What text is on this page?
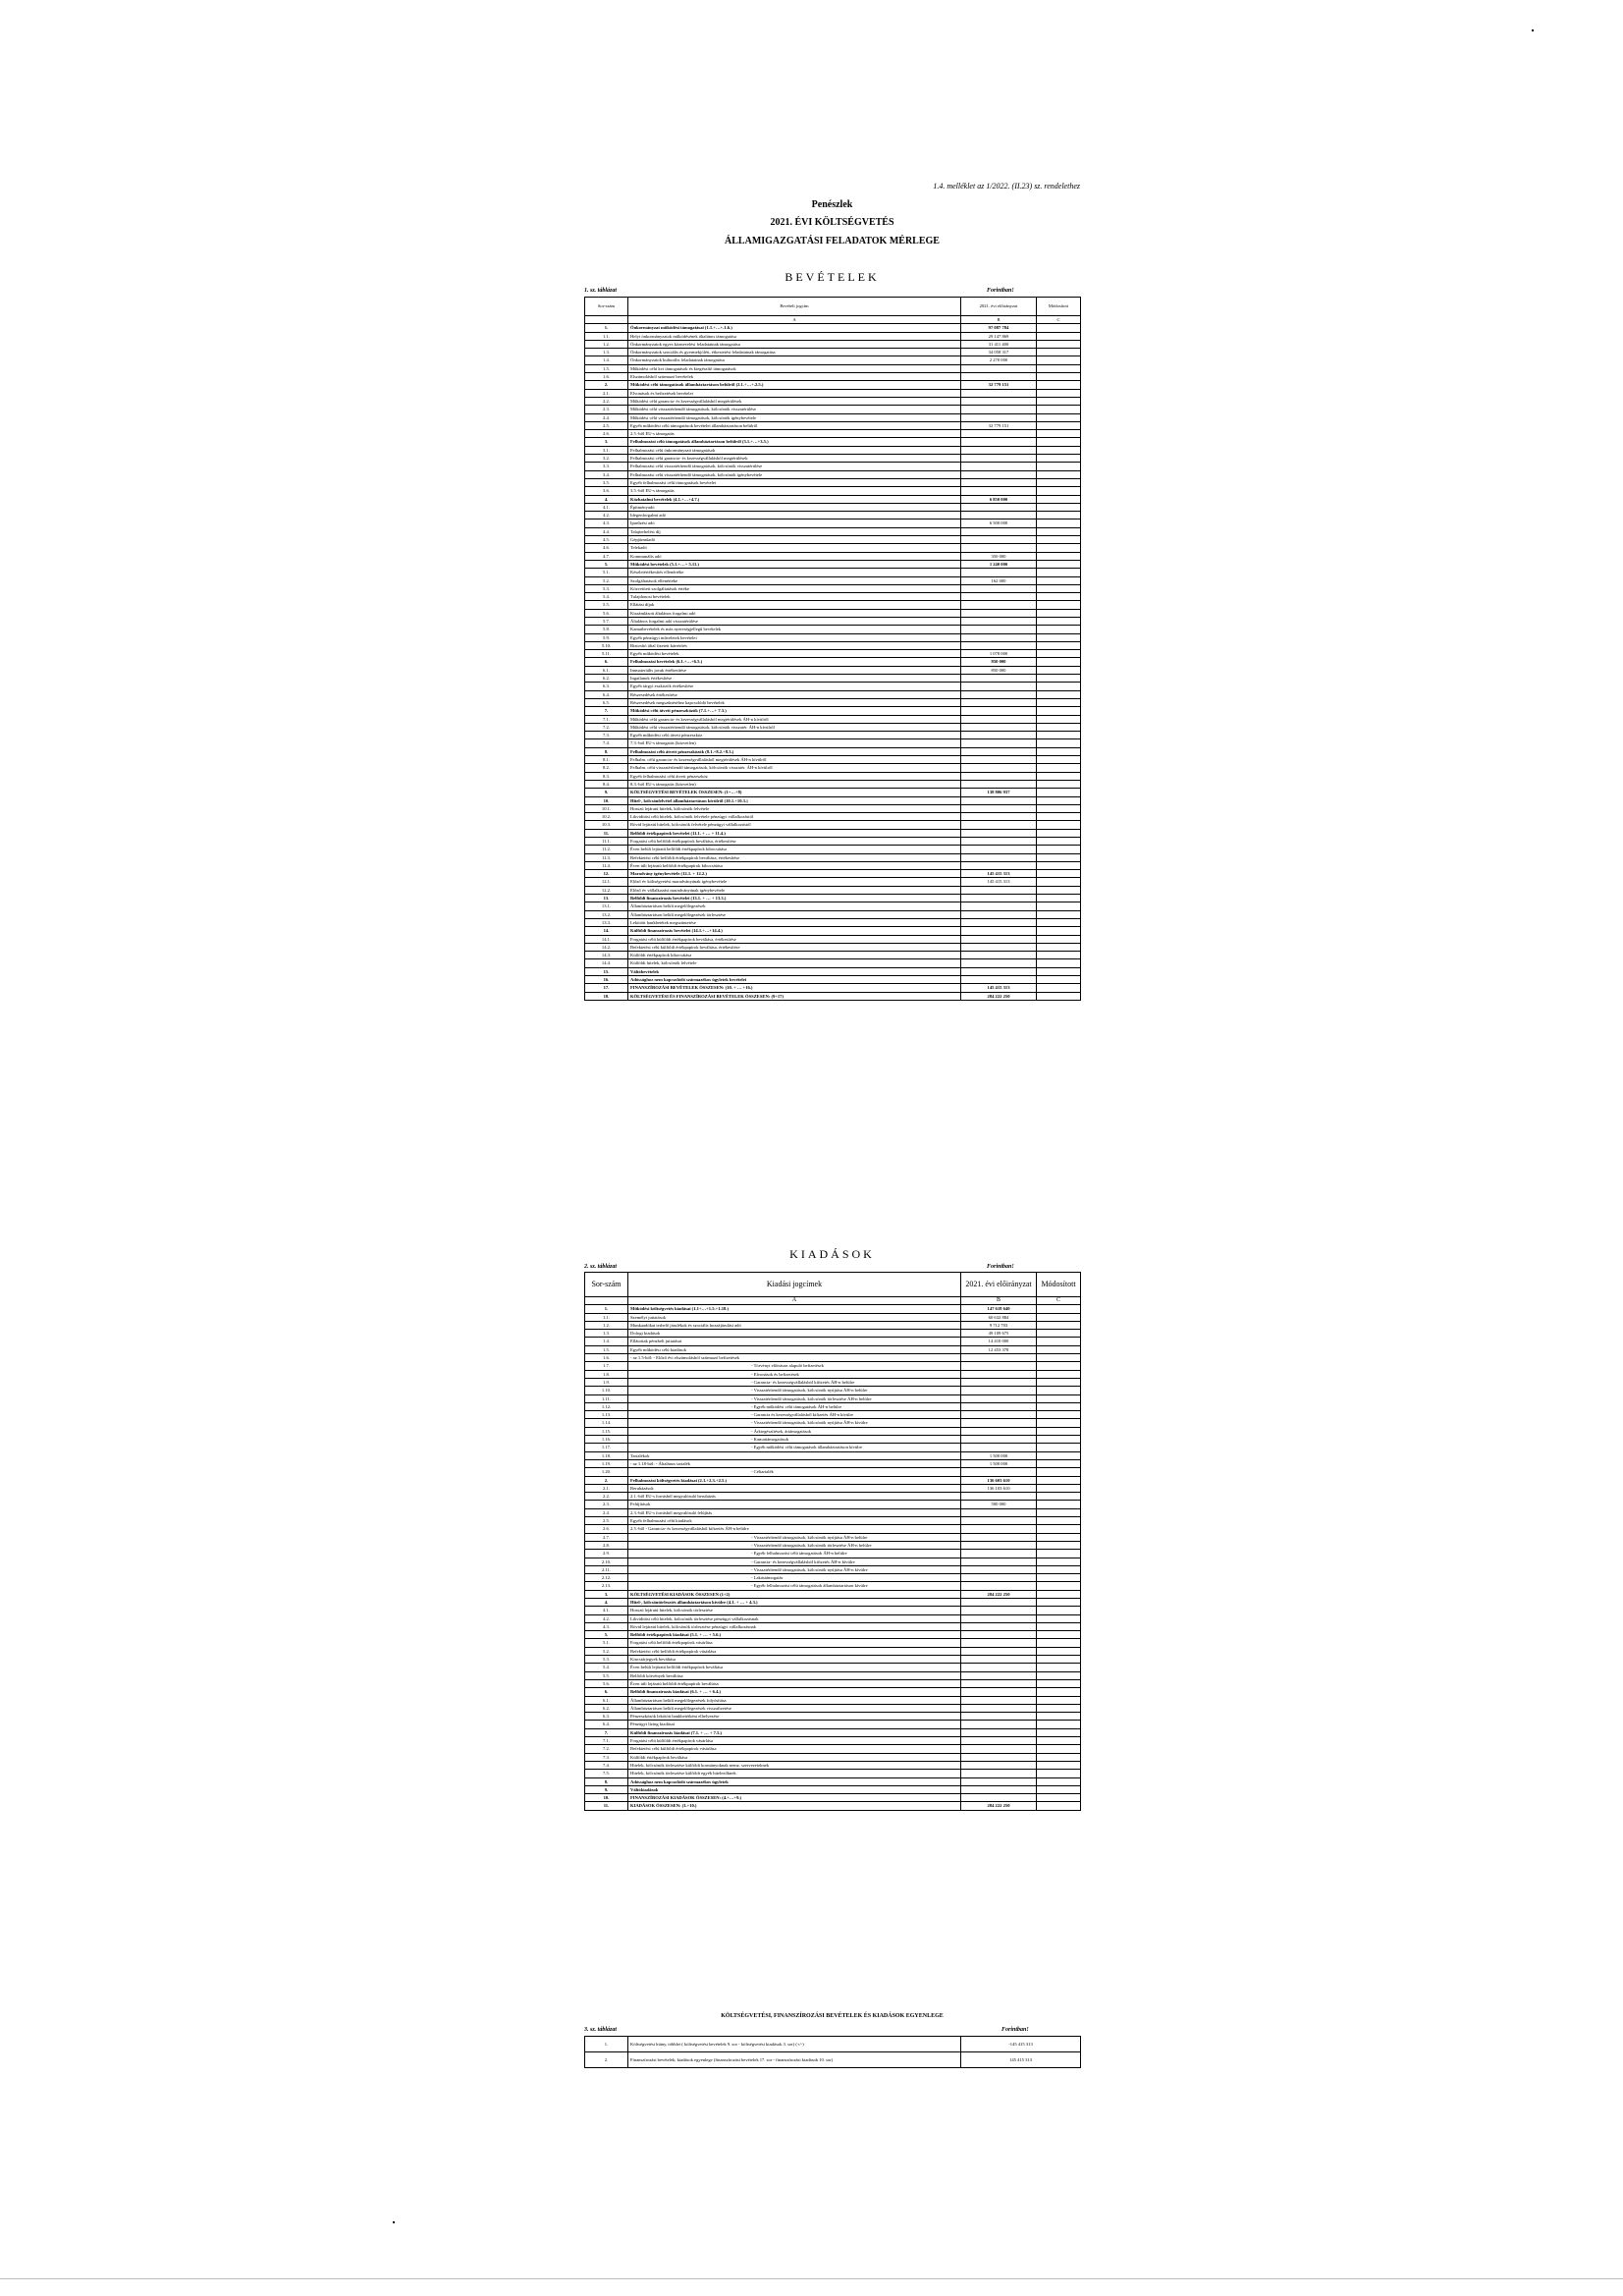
1.4. melléklet az 1/2022. (II.23) sz. rendelethez
Penészlek
2021. ÉVI KÖLTSÉGVETÉS
ÁLLAMIGAZGATÁSI FELADATOK MÉRLEGE
BEVÉTELEK
1. sz. táblázat	Forintban!
Sor-szám	Bevételi jogcím	2021. évi előirányzat	Módosított
	A	B	C
1.	Önkormányzat működési támogatásai (1.1.+…+.1.6.)	97 087 784	
1.1.	Helyi önkormányzatok működésének általános támogatása	29 147 869	
1.2.	Önkormányzatok egyes köznevelési feladatainak támogatása	31 411 400	
1.3.	Önkormányzatok szociális és gyermekjóléti, étkeztetési feladatainak támogatása	34 058 317	
1.4.	Önkormányzatok kulturális feladatainak támogatása	2 270 000	
1.5.	Működési célú kvi támogatások és kiegészítő támogatások		
1.6.	Elszámolásból származó bevételek		
2.	Működési célú támogatások államháztartáson belülről (2.1.+…+.2.5.)	32 779 151	
2.1.	Elvonások és befizetések bevételei		
2.2.	Működési célú garancia- és kezességvállalásból megtérülések		
2.3.	Működési célú visszatérítendő támogatások, kölcsönök visszatérülése		
2.4.	Működési célú visszatérítendő támogatások, kölcsönök igénybevétele		
2.5.	Egyéb működési célú támogatások bevételei államháztartáson belülről	32 779 151	
2.6.	2.5.-ből EU-s támogatás		
3.	Felhalmozási célú támogatások államháztartáson belülről (3.1.+…+3.5.)		
3.1.	Felhalmozási célú önkormányzati támogatások		
3.2.	Felhalmozási célú garancia- és kezességvállalásból megtérülések		
3.3.	Felhalmozási célú visszatérítendő támogatások, kölcsönök visszatérülése		
3.4.	Felhalmozási célú visszatérítendő támogatások, kölcsönök igénybevétele		
3.5.	Egyéb felhalmozási célú támogatások bevételei		
3.6.	3.5.-ből EU-s támogatás		
4.	Közhatalmi bevételek (4.1.+…+4.7.)	6 850 000	
4.1.	Építményadó		
4.2.	Idegenforgalmi adó		
4.3.	Iparűzési adó	6 500 000	
4.4.	Talajterhelési díj		
4.5.	Gépjárműadó		
4.6.	Telekadó		
4.7.	Kommunális adó	350 000	
5.	Működési bevételek (5.1.+…+ 5.11.)	1 240 000	
5.1.	Készletértékesítés ellenértéke		
5.2.	Szolgáltatások ellenértéke	162 000	
5.3.	Közvetített szolgáltatások értéke		
5.4.	Tulajdonosi bevételek		
5.5.	Ellátási díjak		
5.6.	Kiszámlázott általános forgalmi adó		
5.7.	Általános forgalmi adó visszatérülése		
5.8.	Kamatbevételek és más nyereségjellegű bevételek		
5.9.	Egyéb pénzügyi műveletek bevételei		
5.10.	Biztosító által fizetett kártérítés		
5.11.	Egyéb működési bevételek	1 078 000	
6.	Felhalmozási bevételek (6.1.+…+6.5.)	850 000	
6.1.	Immateriális javak értékesítése	850 000	
6.2.	Ingatlanok értékesítése		
6.3.	Egyéb tárgyi eszközök értékesítése		
6.4.	Részesedések értékesítése		
6.5.	Részesedések megszűnéséhez kapcsolódó bevételek		
7.	Működési célú átvett pénzeszközök (7.1.+…+ 7.3.)		
7.1.	Működési célú garancia- és kezességvállalásból megtérülések ÁH-n kívülről		
7.2.	Működési célú visszatérítendő támogatások, kölcsönök visszatér. ÁH-n kívülről		
7.3.	Egyéb működési célú átvett pénzeszköz		
7.4.	7.3.-ból EU-s támogatás (közvetlen)		
8.	Felhalmozási célú átvett pénzeszközök (8.1.+8.2.+8.3.)		
8.1.	Felhalm. célú garancia- és kezességvállalásból megtérülések ÁH-n kívülről		
8.2.	Felhalm. célú visszatérítendő támogatások, kölcsönök visszatér. ÁH-n kívülről		
8.3.	Egyéb felhalmozási célú átvett pénzeszköz		
8.4.	8.3.-ból EU-s támogatás (közvetlen)		
9.	KÖLTSÉGVETÉSI BEVÉTELEK ÖSSZESEN: (1+…+8)	138 806 937	
10.	Hitel-, kölcsönfelvétel államháztartáson kívülről (10.1.+10.3.)		
10.1.	Hosszú lejáratú hitelek, kölcsönök felvétele		
10.2.	Likviditási célú hitelek, kölcsönök felvétele pénzügyi vállalkozástól		
10.3.	Rövid lejáratú hitelek, kölcsönök felvétele pénzügyi vállalkozástól		
11.	Belföldi értékpapírok bevételei (11.1. + … + 11.4.)		
11.1.	Forgatási célú belföldi értékpapírok beváltása, értékesítése		
11.2.	Éven belüli lejáratú belföldi értékpapírok kibocsátása		
11.3.	Befektetési célú belföldi értékpapírok beváltása, értékesítése		
11.4.	Éven túli lejáratú belföldi értékpapírok kibocsátása		
12.	Maradvány igénybevétele (12.1. + 12.2.)	145 415 313	
12.1.	Előző év költségvetési maradványának igénybevétele	145 415 313	
12.2.	Előző év vállalkozási maradványának igénybevétele		
13.	Belföldi finanszírozás bevételei (13.1. + … + 13.3.)		
13.1.	Államháztartáson belüli megelőlegezések		
13.2.	Államháztartáson belüli megelőlegezések törlesztése		
13.3.	Lekötött bankbetétek megszüntetése		
14.	Külföldi finanszírozás bevételei (14.1.+…+14.4.)		
14.1.	Forgatási célú külföldi értékpapírok beváltása, értékesítése		
14.2.	Befektetési célú külföldi értékpapírok beváltása, értékesítése		
14.3.	Külföldi értékpapírok kibocsátása		
14.4.	Külföldi hitelek, kölcsönök felvétele		
15.	Váltóbevételek		
16.	Adóssághoz nem kapcsolódó származékos ügyletek bevételei		
17.	FINANSZÍROZÁSI BEVÉTELEK ÖSSZESEN: (10. + … +16.)	145 415 313	
18.	KÖLTSÉGVETÉSI ÉS FINANSZÍROZÁSI BEVÉTELEK ÖSSZESEN: (9+17)	284 222 250	
KIADÁSOK
2. sz. táblázat	Forintban!
Sor-szám	Kiadási jogcímek	2021. évi előirányzat	Módosított
	A	B	C
1.	Működési költségvetés kiadásai (1.1+…+1.5.+1.18.)	147 618 640	
1.1.	Személyi juttatások	60 632 884	
1.2.	Munkaadókat terhelő járulékok és szociális hozzájárulási adó	9 712 703	
1.3.	Dologi kiadások	49 109 675	
1.4.	Ellátottak pénzbeli juttatásai	14 410 000	
1.5.	Egyéb működési célú kiadások	12 453 378	
1.6.	- az 1.5-ből: - Előző évi elszámolásból származó befizetések		
1.7.	- Törvényi előíráson alapuló befizetések		
1.8.	- Elvonások és befizetések		
1.9.	- Garancia- és kezességvállalásból kifizetés ÁH-n belülre		
1.10.	- Visszatérítendő támogatások, kölcsönök nyújtása ÁH-n belülre		
1.11.	- Visszatérítendő támogatások, kölcsönök törlesztése ÁH-n belülre		
1.12.	- Egyéb működési célú támogatások ÁH-n belülre		
1.13.	- Garancia és kezességvállalásból kifizetés ÁH-n kívülre		
1.14.	- Visszatérítendő támogatások, kölcsönök nyújtása ÁH-n kívülre		
1.15.	- Árkiegészítések, ártámogatások		
1.16.	- Kamattámogatások		
1.17.	- Egyéb működési célú támogatások államháztartáson kívülre		
1.18.	Tartalékok	1 500 000	
1.19.	- az 1.18-ból: - Általános tartalék	1 500 000	
1.20.	- Céltartalék		
2.	Felhalmozási költségvetés kiadásai (2.1.+2.3.+2.5.)	136 603 610	
2.1.	Beruházások	136 103 610	
2.2.	2.1.-ből EU-s forrásból megvalósuló beruházás		
2.3.	Felújítások	500 000	
2.4.	2.3.-ből EU-s forrásból megvalósuló felújítás		
2.5.	Egyéb felhalmozási célú kiadások		
2.6.	2.5.-ből - Garancia- és kezességvállalásból kifizetés ÁH-n belülre		
2.7.	- Visszatérítendő támogatások, kölcsönök nyújtása ÁH-n belülre		
2.8.	- Visszatérítendő támogatások, kölcsönök törlesztése ÁH-n belülre		
2.9.	- Egyéb felhalmozási célú támogatások ÁH-n belülre		
2.10.	- Garancia- és kezességvállalásból kifizetés ÁH-n kívülre		
2.11.	- Visszatérítendő támogatások, kölcsönök nyújtása ÁH-n kívülre		
2.12.	- Lakástámogatás		
2.13.	- Egyéb felhalmozási célú támogatások államháztartáson kívülre		
3.	KÖLTSÉGVETÉSI KIADÁSOK ÖSSZESEN (1+2)	284 222 250	
4.	Hitel-, kölcsöntörlesztés államháztartáson kívülre (4.1. + … + 4.3.)		
4.1.	Hosszú lejáratú hitelek, kölcsönök törlesztése		
4.2.	Likviditási célú hitelek, kölcsönök törlesztése pénzügyi vállalkozásnak		
4.3.	Rövid lejáratú hitelek, kölcsönök törlesztése pénzügyi vállalkozásnak		
5.	Belföldi értékpapírok kiadásai (5.1. + … + 5.6.)		
5.1.	Forgatási célú belföldi értékpapírok vásárlása		
5.2.	Befektetési célú belföldi értékpapírok vásárlása		
5.3.	Kincstárjegyek beváltása		
5.4.	Éven belüli lejáratú belföldi értékpapírok beváltása		
5.5.	Belföldi kötvények beváltása		
5.6.	Éven túli lejáratú belföldi értékpapírok beváltása		
6.	Belföldi finanszírozás kiadásai (6.1. + … + 6.4.)		
6.1.	Államháztartáson belüli megelőlegezések folyósítása		
6.2.	Államháztartáson belüli megelőlegezések visszafizetése		
6.3.	Pénzeszközök lekötött bankbetétként elhelyezése		
6.4.	Pénzügyi lízing kiadásai		
7.	Külföldi finanszírozás kiadásai (7.1. + … + 7.5.)		
7.1.	Forgatási célú külföldi értékpapírok vásárlása		
7.2.	Befektetési célú külföldi értékpapírok vásárlása		
7.3.	Külföldi értékpapírok beváltása		
7.4.	Hitelek, kölcsönök törlesztése külföldi kormányoknak nemz. szervezeteknek		
7.5.	Hitelek, kölcsönök törlesztése külföldi egyéb hitelezőknek		
8.	Adóssághoz nem kapcsolódó származékos ügyletek		
9.	Váltókiadások		
10.	FINANSZÍROZÁSI KIADÁSOK ÖSSZESEN: (4.+…+9.)		
11.	KIADÁSOK ÖSSZESEN: (3.+10.)	284 222 250	
KÖLTSÉGVETÉSI, FINANSZÍROZÁSI BEVÉTELEK ÉS KIADÁSOK EGYENLEGE
3. sz. táblázat	Forintban!
1.	Költségvetési hiány, többlet ( költségvetési bevételek 9. sor - költségvetési kiadások 3. sor) (+/-)	-145 415 313
2.	Finanszírozási bevételek, kiadások egyenlege (finanszírozási bevételek 17. sor - finanszírozási kiadások 10. sor)	145 415 313
